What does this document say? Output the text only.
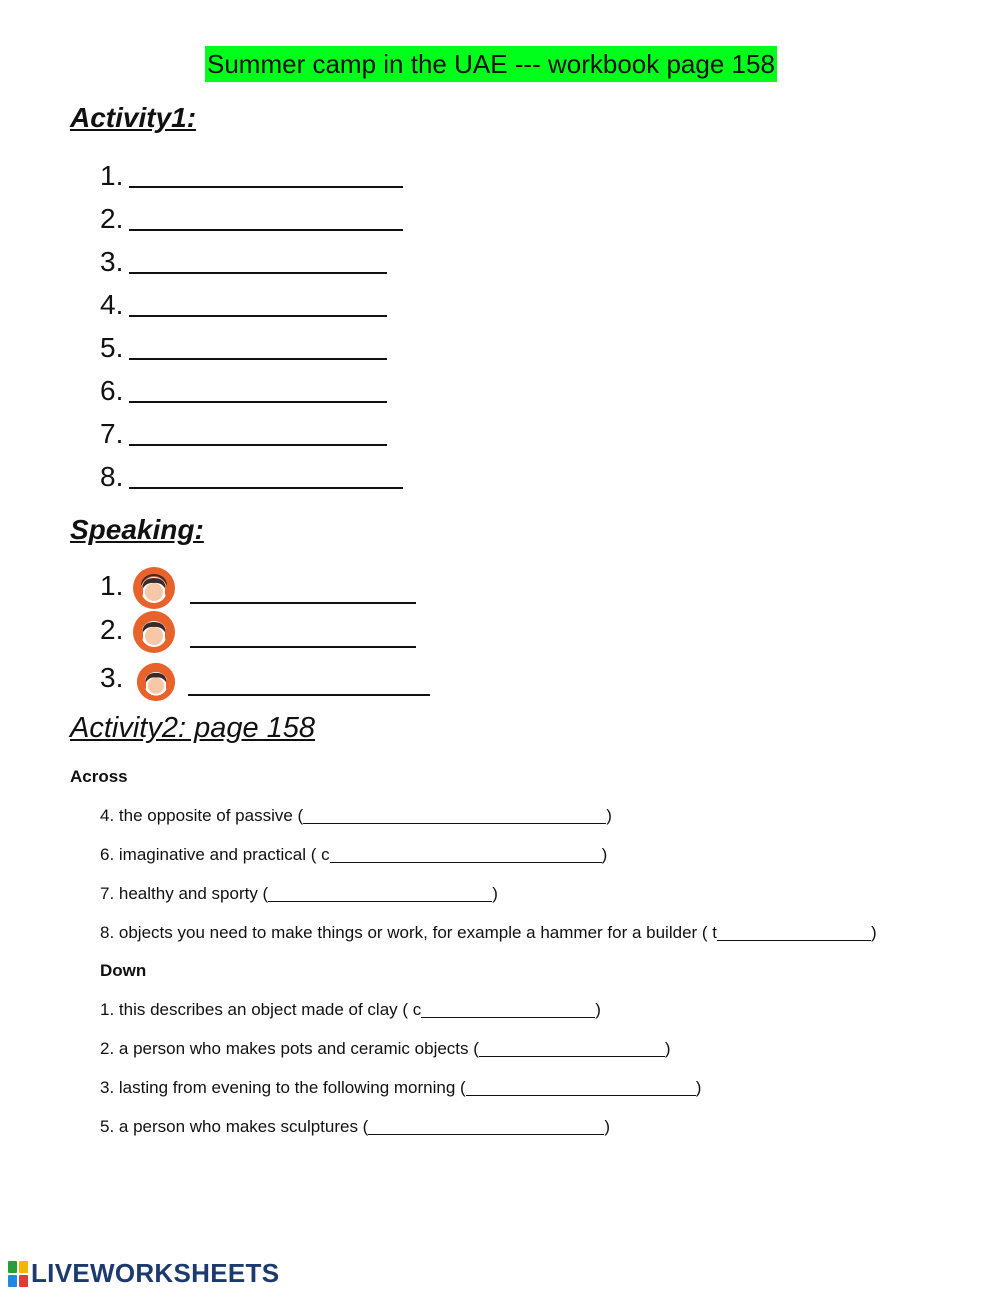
Summer camp in the UAE --- workbook page 158
Activity1:
1.
2.
3.
4.
5.
6.
7.
8.
Speaking:
1.
2.
3.
Activity2: page 158
Across
4. the opposite of passive (	)
6. imaginative and practical ( c	)
7. healthy and sporty (	)
8. objects you need to make things or work, for example a hammer for a builder ( t	)
Down
1. this describes an object made of clay ( c	)
2. a person who makes pots and ceramic objects (	)
3. lasting from evening to the following morning (	)
5. a person who makes sculptures (	)
LIVEWORKSHEETS
